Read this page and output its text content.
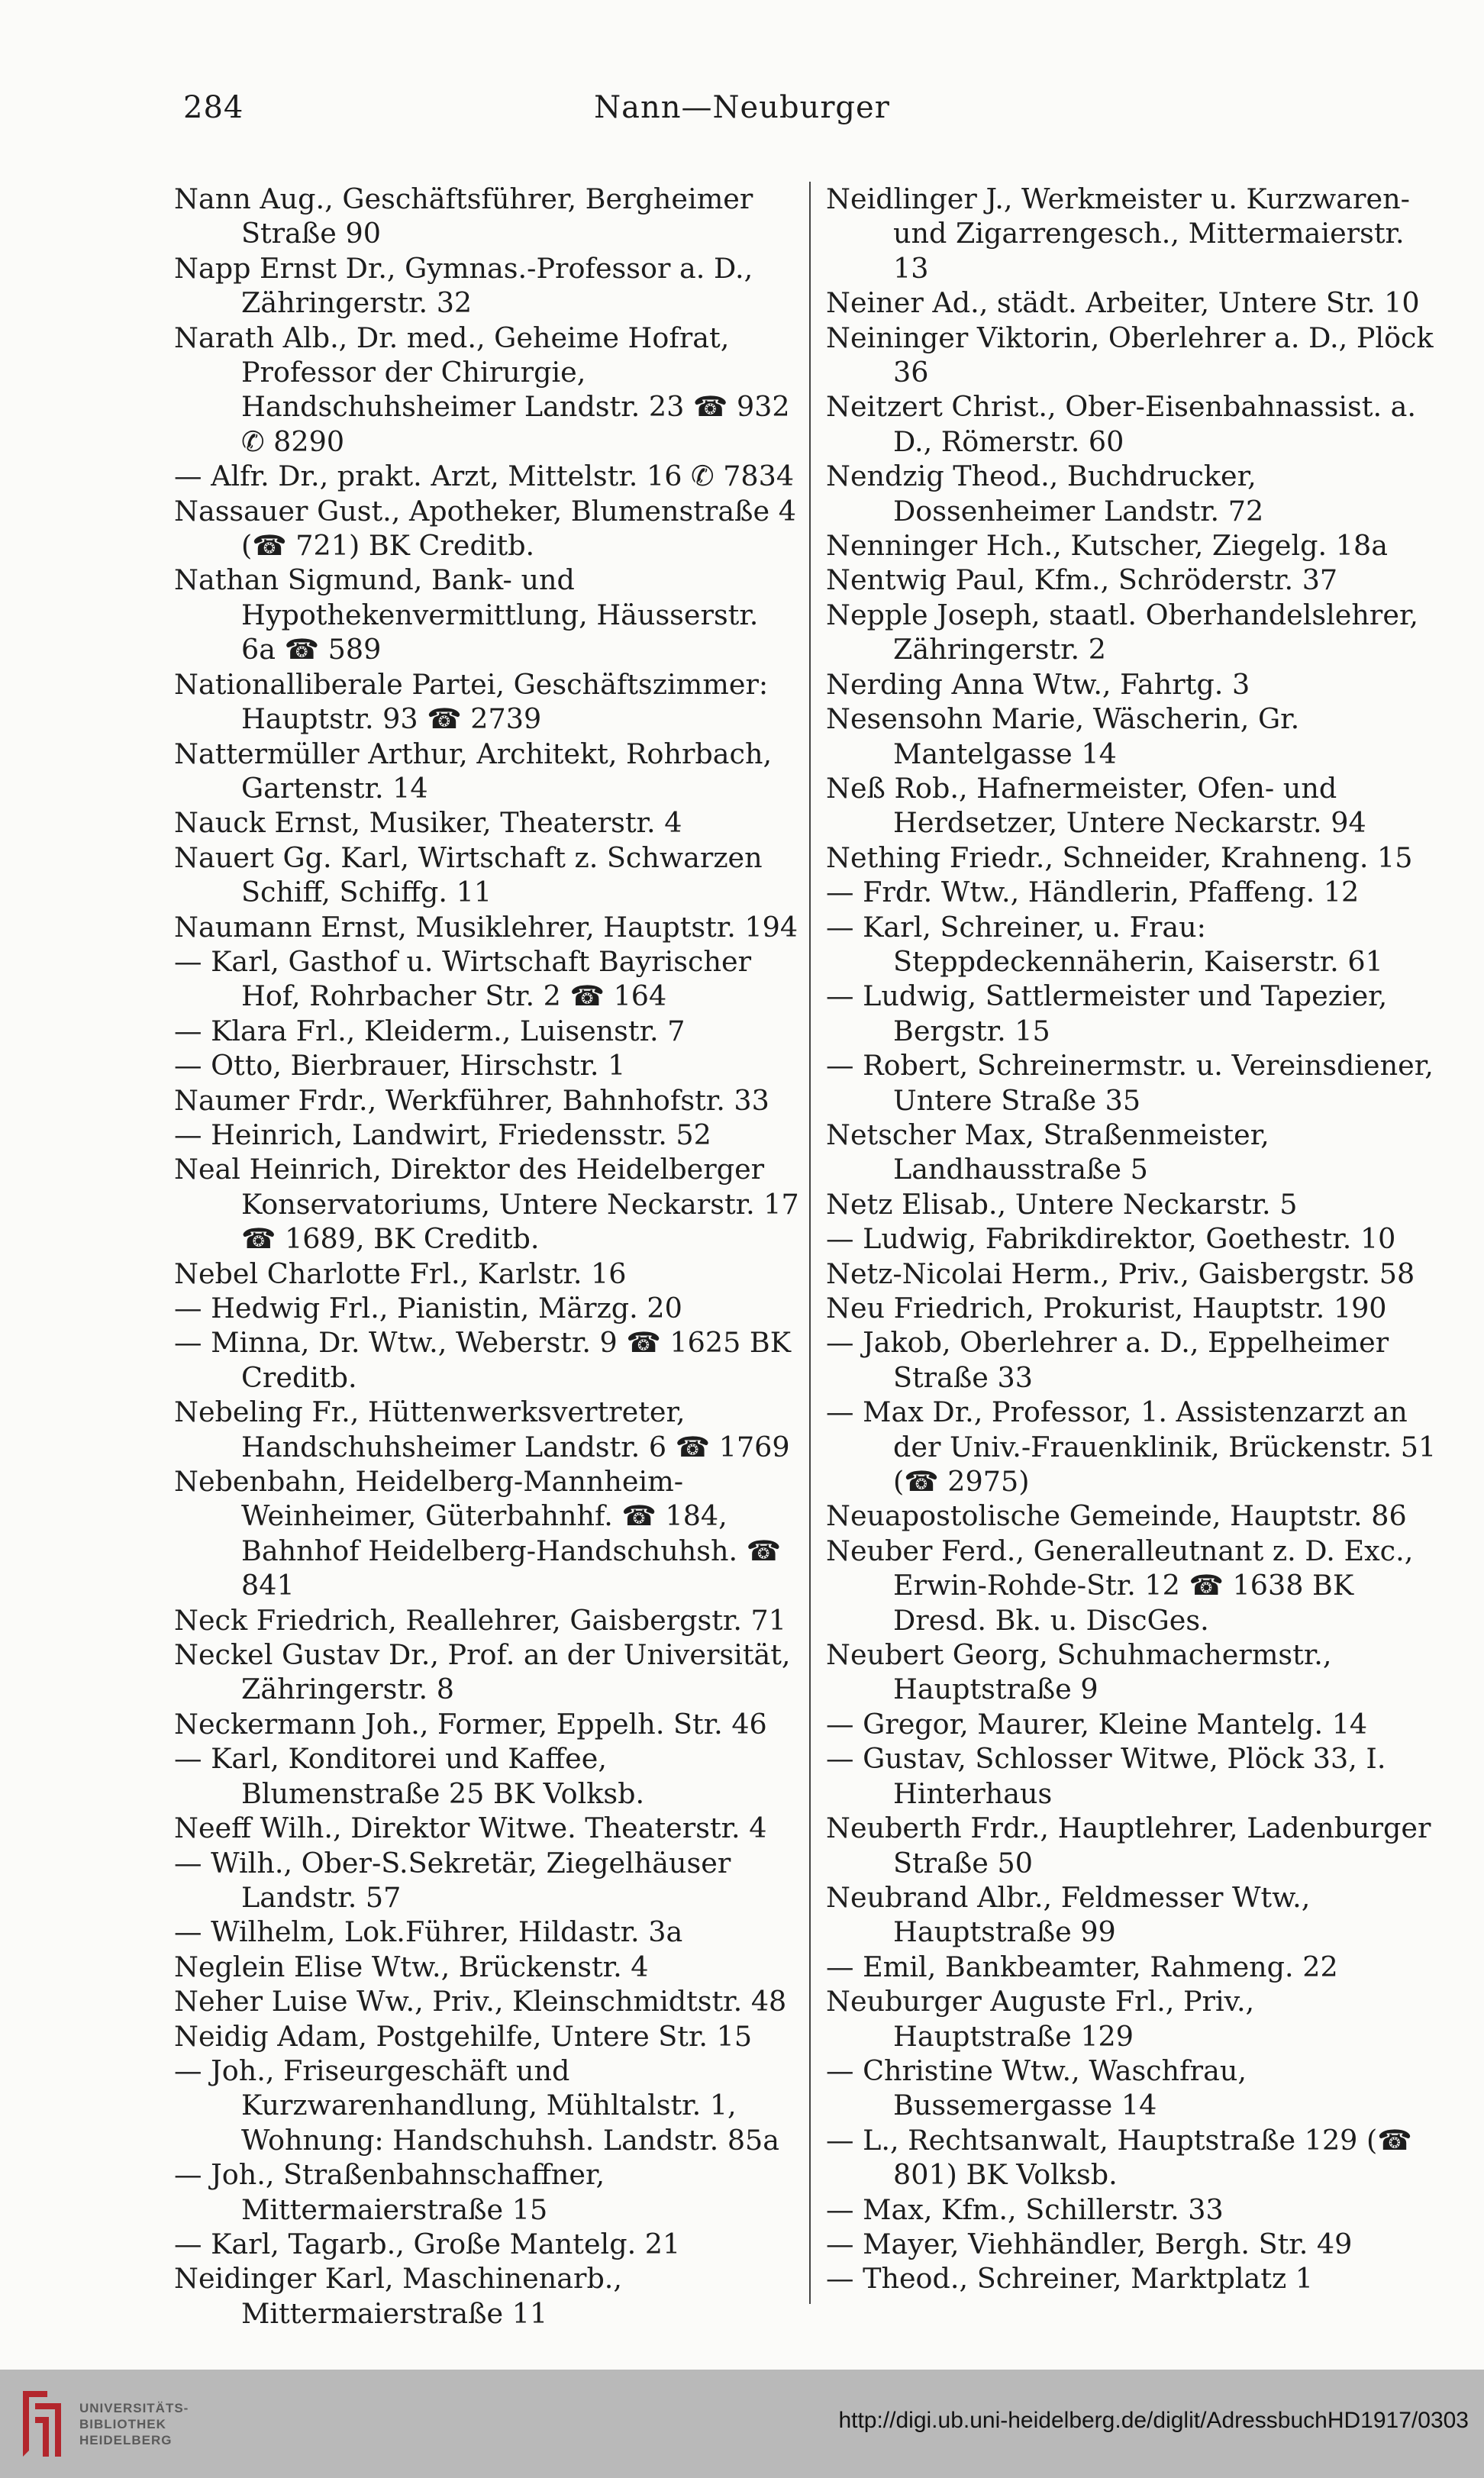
284	Nann—Neuburger

Nann Aug., Geschäftsführer, Bergheimer Straße 90

Napp Ernst Dr., Gymnas.-Professor a. D., Zähringerstr. 32

Narath Alb., Dr. med., Geheime Hofrat, Professor der Chirurgie, Handschuhsheimer Landstr. 23 ☎ 932 ✆ 8290

— Alfr. Dr., prakt. Arzt, Mittelstr. 16 ✆ 7834

Nassauer Gust., Apotheker, Blumenstraße 4 (☎ 721) BK Creditb.

Nathan Sigmund, Bank- und Hypothekenvermittlung, Häusserstr. 6a ☎ 589

Nationalliberale Partei, Geschäftszimmer: Hauptstr. 93 ☎ 2739

Nattermüller Arthur, Architekt, Rohrbach, Gartenstr. 14

Nauck Ernst, Musiker, Theaterstr. 4

Nauert Gg. Karl, Wirtschaft z. Schwarzen Schiff, Schiffg. 11

Naumann Ernst, Musiklehrer, Hauptstr. 194

— Karl, Gasthof u. Wirtschaft Bayrischer Hof, Rohrbacher Str. 2 ☎ 164

— Klara Frl., Kleiderm., Luisenstr. 7

— Otto, Bierbrauer, Hirschstr. 1

Naumer Frdr., Werkführer, Bahnhofstr. 33

— Heinrich, Landwirt, Friedensstr. 52

Neal Heinrich, Direktor des Heidelberger Konservatoriums, Untere Neckarstr. 17 ☎ 1689, BK Creditb.

Nebel Charlotte Frl., Karlstr. 16

— Hedwig Frl., Pianistin, Märzg. 20

— Minna, Dr. Wtw., Weberstr. 9 ☎ 1625 BK Creditb.

Nebeling Fr., Hüttenwerksvertreter, Handschuhsheimer Landstr. 6 ☎ 1769

Nebenbahn, Heidelberg-Mannheim-Weinheimer, Güterbahnhf. ☎ 184, Bahnhof Heidelberg-Handschuhsh. ☎ 841

Neck Friedrich, Reallehrer, Gaisbergstr. 71

Neckel Gustav Dr., Prof. an der Universität, Zähringerstr. 8

Neckermann Joh., Former, Eppelh. Str. 46

— Karl, Konditorei und Kaffee, Blumenstraße 25 BK Volksb.

Neeff Wilh., Direktor Witwe. Theaterstr. 4

— Wilh., Ober-S.Sekretär, Ziegelhäuser Landstr. 57

— Wilhelm, Lok.Führer, Hildastr. 3a

Neglein Elise Wtw., Brückenstr. 4

Neher Luise Ww., Priv., Kleinschmidtstr. 48

Neidig Adam, Postgehilfe, Untere Str. 15

— Joh., Friseurgeschäft und Kurzwarenhandlung, Mühltalstr. 1, Wohnung: Handschuhsh. Landstr. 85a

— Joh., Straßenbahnschaffner, Mittermaierstraße 15

— Karl, Tagarb., Große Mantelg. 21

Neidinger Karl, Maschinenarb., Mittermaierstraße 11

Neidlinger J., Werkmeister u. Kurzwaren- und Zigarrengesch., Mittermaierstr. 13

Neiner Ad., städt. Arbeiter, Untere Str. 10

Neininger Viktorin, Oberlehrer a. D., Plöck 36

Neitzert Christ., Ober-Eisenbahnassist. a. D., Römerstr. 60

Nendzig Theod., Buchdrucker, Dossenheimer Landstr. 72

Nenninger Hch., Kutscher, Ziegelg. 18a

Nentwig Paul, Kfm., Schröderstr. 37

Nepple Joseph, staatl. Oberhandelslehrer, Zähringerstr. 2

Nerding Anna Wtw., Fahrtg. 3

Nesensohn Marie, Wäscherin, Gr. Mantelgasse 14

Neß Rob., Hafnermeister, Ofen- und Herdsetzer, Untere Neckarstr. 94

Nething Friedr., Schneider, Krahneng. 15

— Frdr. Wtw., Händlerin, Pfaffeng. 12

— Karl, Schreiner, u. Frau: Steppdeckennäherin, Kaiserstr. 61

— Ludwig, Sattlermeister und Tapezier, Bergstr. 15

— Robert, Schreinermstr. u. Vereinsdiener, Untere Straße 35

Netscher Max, Straßenmeister, Landhausstraße 5

Netz Elisab., Untere Neckarstr. 5

— Ludwig, Fabrikdirektor, Goethestr. 10

Netz-Nicolai Herm., Priv., Gaisbergstr. 58

Neu Friedrich, Prokurist, Hauptstr. 190

— Jakob, Oberlehrer a. D., Eppelheimer Straße 33

— Max Dr., Professor, 1. Assistenzarzt an der Univ.-Frauenklinik, Brückenstr. 51 (☎ 2975)

Neuapostolische Gemeinde, Hauptstr. 86

Neuber Ferd., Generalleutnant z. D. Exc., Erwin-Rohde-Str. 12 ☎ 1638 BK Dresd. Bk. u. DiscGes.

Neubert Georg, Schuhmachermstr., Hauptstraße 9

— Gregor, Maurer, Kleine Mantelg. 14

— Gustav, Schlosser Witwe, Plöck 33, I. Hinterhaus

Neuberth Frdr., Hauptlehrer, Ladenburger Straße 50

Neubrand Albr., Feldmesser Wtw., Hauptstraße 99

— Emil, Bankbeamter, Rahmeng. 22

Neuburger Auguste Frl., Priv., Hauptstraße 129

— Christine Wtw., Waschfrau, Bussemergasse 14

— L., Rechtsanwalt, Hauptstraße 129 (☎ 801) BK Volksb.

— Max, Kfm., Schillerstr. 33

— Mayer, Viehhändler, Bergh. Str. 49

— Theod., Schreiner, Marktplatz 1

UNIVERSITÄTS-
BIBLIOTHEK
HEIDELBERG
http://digi.ub.uni-heidelberg.de/diglit/AdressbuchHD1917/0303
